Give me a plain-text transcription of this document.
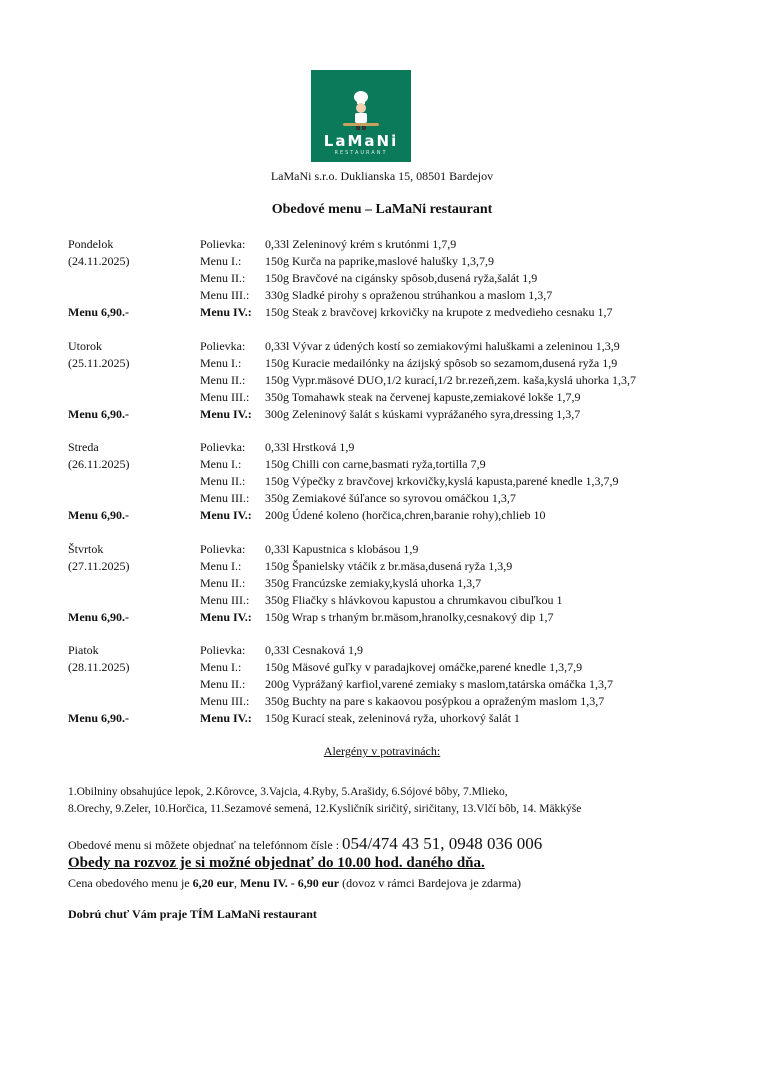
LaMaNi
RESTAURANT
LaMaNi s.r.o. Duklianska 15, 08501 Bardejov
Obedové menu – LaMaNi restaurant
Pondelok	Polievka: 0,33l Zeleninový krém s krutónmi 1,7,9
(24.11.2025)	Menu I.: 150g Kurča na paprike,maslové halušky 1,3,7,9
Menu II.: 150g Bravčové na cigánsky spôsob,dusená ryža,šalát 1,9
Menu III.: 330g Sladké pirohy s opraženou strúhankou a maslom 1,3,7
Menu 6,90.-	Menu IV.: 150g Steak z bravčovej krkovičky na krupote z medvedieho cesnaku 1,7
Utorok	Polievka: 0,33l Vývar z údených kostí so zemiakovými haluškami a zeleninou 1,3,9
(25.11.2025)	Menu I.: 150g Kuracie medailónky na ázijský spôsob so sezamom,dusená ryža 1,9
Menu II.: 150g Vypr.mäsové DUO,1/2 kurací,1/2 br.rezeň,zem. kaša,kyslá uhorka 1,3,7
Menu III.: 350g Tomahawk steak na červenej kapuste,zemiakové lokše 1,7,9
Menu 6,90.-	Menu IV.: 300g Zeleninový šalát s kúskami vyprážaného syra,dressing 1,3,7
Streda	Polievka: 0,33l Hrstková 1,9
(26.11.2025)	Menu I.: 150g Chilli con carne,basmati ryža,tortilla 7,9
Menu II.: 150g Výpečky z bravčovej krkovičky,kyslá kapusta,parené knedle 1,3,7,9
Menu III.: 350g Zemiakové šúľance so syrovou omáčkou 1,3,7
Menu 6,90.-	Menu IV.: 200g Údené koleno (horčica,chren,baranie rohy),chlieb 10
Štvrtok	Polievka: 0,33l Kapustnica s klobásou 1,9
(27.11.2025)	Menu I.: 150g Španielsky vtáčik z br.mäsa,dusená ryža 1,3,9
Menu II.: 350g Francúzske zemiaky,kyslá uhorka 1,3,7
Menu III.: 350g Fliačky s hlávkovou kapustou a chrumkavou cibuľkou 1
Menu 6,90.-	Menu IV.: 150g Wrap s trhaným br.mäsom,hranolky,cesnakový dip 1,7
Piatok	Polievka: 0,33l Cesnaková 1,9
(28.11.2025)	Menu I.: 150g Mäsové guľky v paradajkovej omáčke,parené knedle 1,3,7,9
Menu II.: 200g Vyprážaný karfiol,varené zemiaky s maslom,tatárska omáčka 1,3,7
Menu III.: 350g Buchty na pare s kakaovou posýpkou a opraženým maslom 1,3,7
Menu 6,90.-	Menu IV.: 150g Kurací steak, zeleninová ryža, uhorkový šalát 1
Alergény v potravinách:
1.Obilniny obsahujúce lepok, 2.Kôrovce, 3.Vajcia, 4.Ryby, 5.Arašidy, 6.Sójové bôby, 7.Mlieko,
8.Orechy, 9.Zeler, 10.Horčica, 11.Sezamové semená, 12.Kysličník siričitý, siričitany, 13.Vlčí bôb, 14. Mäkkýše
Obedové menu si môžete objednať na telefónnom čísle : 054/474 43 51, 0948 036 006
Obedy na rozvoz je si možné objednať do 10.00 hod. daného dňa.
Cena obedového menu je 6,20 eur, Menu IV. - 6,90 eur (dovoz v rámci Bardejova je zdarma)
Dobrú chuť Vám praje TÍM LaMaNi restaurant
